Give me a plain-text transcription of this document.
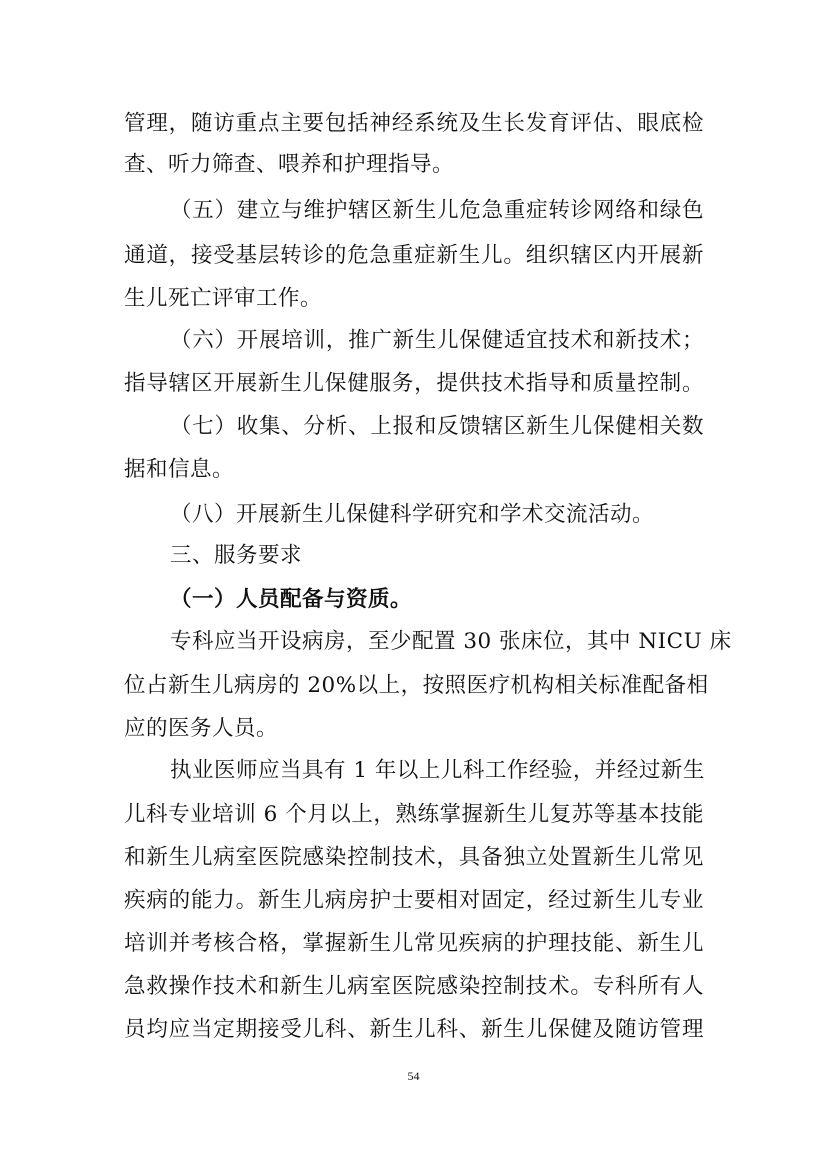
管理，随访重点主要包括神经系统及生长发育评估、眼底检
查、听力筛查、喂养和护理指导。
（五）建立与维护辖区新生儿危急重症转诊网络和绿色
通道，接受基层转诊的危急重症新生儿。组织辖区内开展新
生儿死亡评审工作。
（六）开展培训，推广新生儿保健适宜技术和新技术；
指导辖区开展新生儿保健服务，提供技术指导和质量控制。
（七）收集、分析、上报和反馈辖区新生儿保健相关数
据和信息。
（八）开展新生儿保健科学研究和学术交流活动。
三、服务要求
（一）人员配备与资质。
专科应当开设病房，至少配置 30 张床位，其中 NICU 床
位占新生儿病房的 20%以上，按照医疗机构相关标准配备相
应的医务人员。
执业医师应当具有 1 年以上儿科工作经验，并经过新生
儿科专业培训 6 个月以上，熟练掌握新生儿复苏等基本技能
和新生儿病室医院感染控制技术，具备独立处置新生儿常见
疾病的能力。新生儿病房护士要相对固定，经过新生儿专业
培训并考核合格，掌握新生儿常见疾病的护理技能、新生儿
急救操作技术和新生儿病室医院感染控制技术。专科所有人
员均应当定期接受儿科、新生儿科、新生儿保健及随访管理
54
